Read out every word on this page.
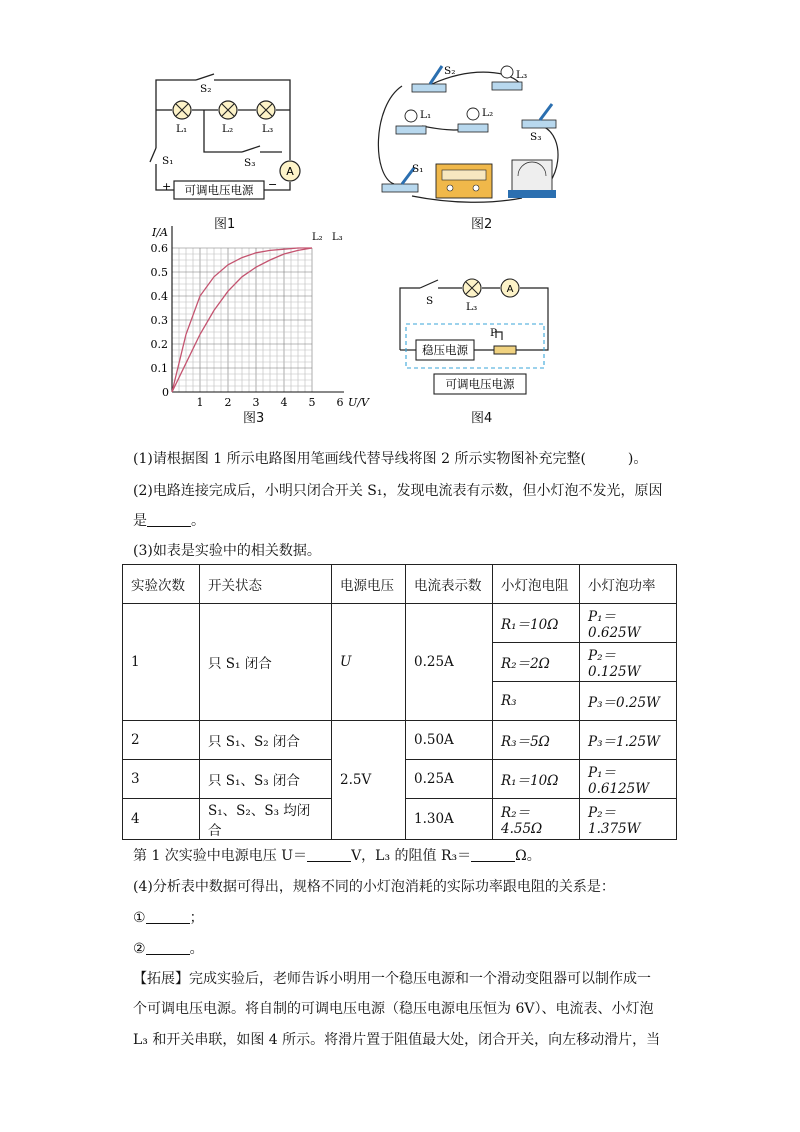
A
可调电压电源
+	−
S₂
L₁	L₂	L₃
S₃
S₁
图1
S₂	L₃
L₁	L₂
S₃
S₁
图2
1 2 3 4 5 6
0.1
0.2
0.3
0.4
0.5
0.6
I/A
U/V
0
L₂ L₃
图3
A
稳压电源
可调电压电源
S	L₃
P
图4
(1)请根据图 1 所示电路图用笔画线代替导线将图 2 所示实物图补充完整(　　　)。
(2)电路连接完成后，小明只闭合开关 S₁，发现电流表有示数，但小灯泡不发光，原因
是	。
(3)如表是实验中的相关数据。
实验次数	开关状态	电源电压	电流表示数	小灯泡电阻	小灯泡功率
1	只 S₁ 闭合	U	0.25A	R₁＝10Ω	P₁＝0.625W
				R₂＝2Ω	P₂＝0.125W
				R₃	P₃＝0.25W
2	只 S₁、S₂ 闭合	2.5V	0.50A	R₃＝5Ω	P₃＝1.25W
3	只 S₁、S₃ 闭合		0.25A	R₁＝10Ω	P₁＝0.6125W
4	S₁、S₂、S₃ 均闭合		1.30A	R₂＝4.55Ω	P₂＝1.375W
第 1 次实验中电源电压 U＝	V，L₃ 的阻值 R₃＝	Ω。
(4)分析表中数据可得出，规格不同的小灯泡消耗的实际功率跟电阻的关系是：
①	；
②	。
【拓展】完成实验后，老师告诉小明用一个稳压电源和一个滑动变阻器可以制作成一
个可调电压电源。将自制的可调电压电源（稳压电源电压恒为 6V）、电流表、小灯泡
L₃ 和开关串联，如图 4 所示。将滑片置于阻值最大处，闭合开关，向左移动滑片，当
